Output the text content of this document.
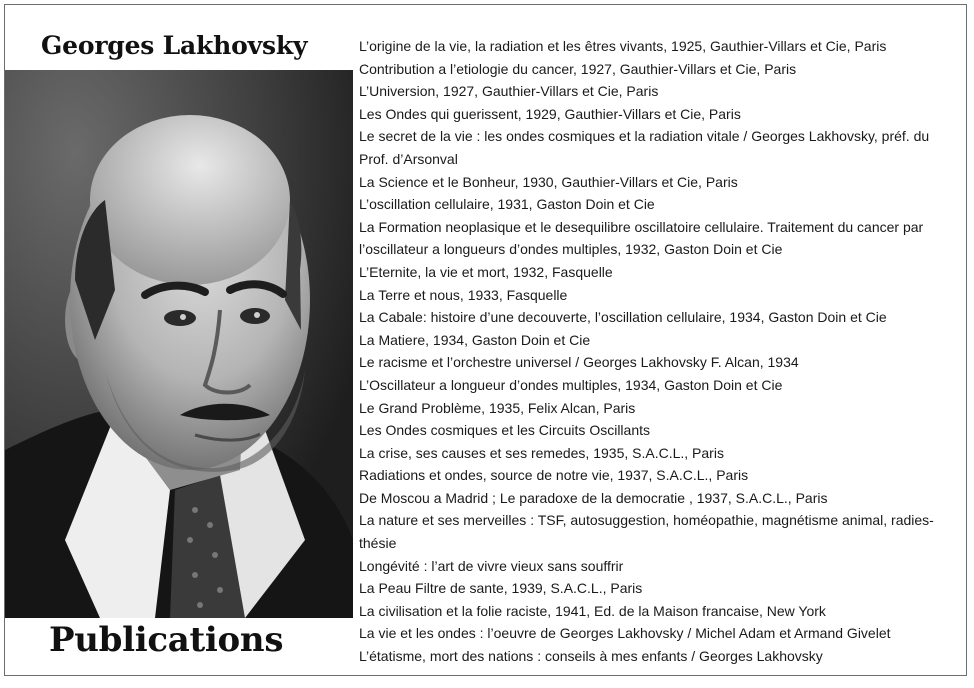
Georges Lakhovsky
Publications
L’origine de la vie, la radiation et les êtres vivants, 1925, Gauthier-Villars et Cie, Paris
Contribution a l’etiologie du cancer, 1927, Gauthier-Villars et Cie, Paris
L’Universion, 1927, Gauthier-Villars et Cie, Paris
Les Ondes qui guerissent, 1929, Gauthier-Villars et Cie, Paris
Le secret de la vie : les ondes cosmiques et la radiation vitale / Georges Lakhovsky, préf. du Prof. d’Arsonval
La Science et le Bonheur, 1930, Gauthier-Villars et Cie, Paris
L’oscillation cellulaire, 1931, Gaston Doin et Cie
La Formation neoplasique et le desequilibre oscillatoire cellulaire. Traitement du cancer par l’oscillateur a longueurs d’ondes multiples, 1932, Gaston Doin et Cie
L’Eternite, la vie et mort, 1932, Fasquelle
La Terre et nous, 1933, Fasquelle
La Cabale: histoire d’une decouverte, l’oscillation cellulaire, 1934, Gaston Doin et Cie
La Matiere, 1934, Gaston Doin et Cie
Le racisme et l’orchestre universel / Georges Lakhovsky F. Alcan, 1934
L’Oscillateur a longueur d’ondes multiples, 1934, Gaston Doin et Cie
Le Grand Problème, 1935, Felix Alcan, Paris
Les Ondes cosmiques et les Circuits Oscillants
La crise, ses causes et ses remedes, 1935, S.A.C.L., Paris
Radiations et ondes, source de notre vie, 1937, S.A.C.L., Paris
De Moscou a Madrid ; Le paradoxe de la democratie , 1937, S.A.C.L., Paris
La nature et ses merveilles : TSF, autosuggestion, homéopathie, magnétisme animal, radies-thésie
Longévité : l’art de vivre vieux sans souffrir
La Peau Filtre de sante, 1939, S.A.C.L., Paris
La civilisation et la folie raciste, 1941, Ed. de la Maison francaise, New York
La vie et les ondes : l’oeuvre de Georges Lakhovsky / Michel Adam et Armand Givelet
L’étatisme, mort des nations : conseils à mes enfants / Georges Lakhovsky
